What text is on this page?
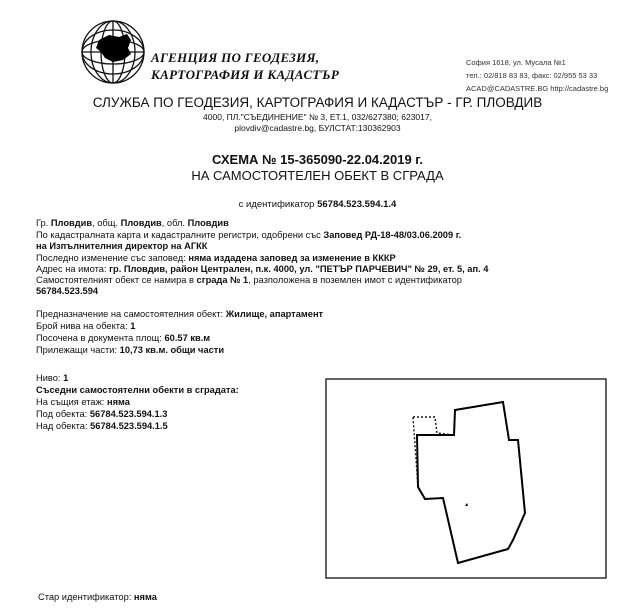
АГЕНЦИЯ ПО ГЕОДЕЗИЯ,
КАРТОГРАФИЯ И КАДАСТЪР
София 1618, ул. Мусала №1
тел.: 02/818 83 83, факс: 02/955 53 33
ACAD@CADASTRE.BG http://cadastre.bg
СЛУЖБА ПО ГЕОДЕЗИЯ, КАРТОГРАФИЯ И КАДАСТЪР - ГР. ПЛОВДИВ
4000, ПЛ."СЪЕДИНЕНИЕ" № 3, ЕТ.1, 032/627380; 623017,
plovdiv@cadastre.bg, БУЛСТАТ:130362903
СХЕМА № 15-365090-22.04.2019 г.
НА САМОСТОЯТЕЛЕН ОБЕКТ В СГРАДА
с идентификатор 56784.523.594.1.4
Гр. Пловдив, общ. Пловдив, обл. Пловдив
По кадастралната карта и кадастралните регистри, одобрени със Заповед РД-18-48/03.06.2009 г.
на Изпълнителния директор на АГКК
Последно изменение със заповед: няма издадена заповед за изменение в КККР
Адрес на имота: гр. Пловдив, район Централен, п.к. 4000, ул. "ПЕТЪР ПАРЧЕВИЧ" № 29, ет. 5, ап. 4
Самостоятелният обект се намира в сграда № 1, разположена в поземлен имот с идентификатор
56784.523.594
Предназначение на самостоятелния обект: Жилище, апартамент
Брой нива на обекта: 1
Посочена в документа площ: 60.57 кв.м
Прилежащи части: 10,73 кв.м. общи части
Ниво: 1
Съседни самостоятелни обекти в сградата:
На същия етаж: няма
Под обекта: 56784.523.594.1.3
Над обекта: 56784.523.594.1.5
Стар идентификатор: няма
